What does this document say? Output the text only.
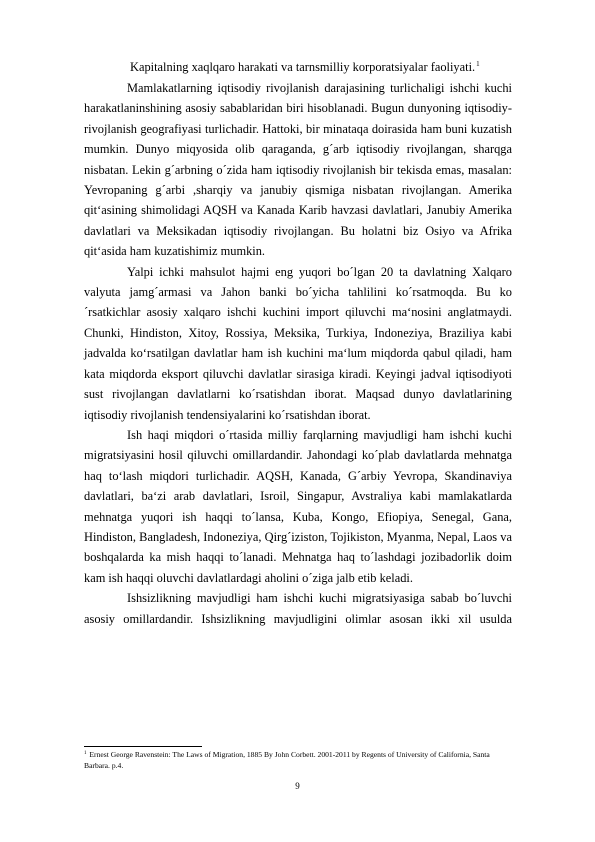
Kapitalning xaqlqaro harakati va tarnsmilliy korporatsiyalar faoliyati.$^1$

Mamlakatlarning iqtisodiy rivojlanish darajasining turlichaligi ishchi kuchi harakatlaninshining asosiy sabablaridan biri hisoblanadi. Bugun dunyoning iqtisodiy-rivojlanish geografiyasi turlichadir. Hattoki, bir minataqa doirasida ham buni kuzatish mumkin. Dunyo miqyosida olib qaraganda, g´arb iqtisodiy rivojlangan, sharqga nisbatan. Lekin g´arbning o´zida ham iqtisodiy rivojlanish bir tekisda emas, masalan: Yevropaning g´arbi ,sharqiy va janubiy qismiga nisbatan rivojlangan. Amerika qit‘asining shimolidagi AQSH va Kanada Karib havzasi davlatlari, Janubiy Amerika davlatlari va Meksikadan iqtisodiy rivojlangan. Bu holatni biz Osiyo va Afrika qit‘asida ham kuzatishimiz mumkin.

Yalpi ichki mahsulot hajmi eng yuqori bo´lgan 20 ta davlatning Xalqaro valyuta jamg´armasi va Jahon banki bo´yicha tahlilini ko´rsatmoqda. Bu ko´rsatkichlar asosiy xalqaro ishchi kuchini import qiluvchi ma‘nosini anglatmaydi. Chunki, Hindiston, Xitoy, Rossiya, Meksika, Turkiya, Indoneziya, Braziliya kabi jadvalda ko‘rsatilgan davlatlar ham ish kuchini ma‘lum miqdorda qabul qiladi, ham kata miqdorda eksport qiluvchi davlatlar sirasiga kiradi. Keyingi jadval iqtisodiyoti sust rivojlangan davlatlarni ko´rsatishdan iborat. Maqsad dunyo davlatlarining iqtisodiy rivojlanish tendensiyalarini ko´rsatishdan iborat.

Ish haqi miqdori o´rtasida milliy farqlarning mavjudligi ham ishchi kuchi migratsiyasini hosil qiluvchi omillardandir. Jahondagi ko´plab davlatlarda mehnatga haq to‘lash miqdori turlichadir. AQSH, Kanada, G´arbiy Yevropa, Skandinaviya davlatlari, ba‘zi arab davlatlari, Isroil, Singapur, Avstraliya kabi mamlakatlarda mehnatga yuqori ish haqqi to´lansa, Kuba, Kongo, Efiopiya, Senegal, Gana, Hindiston, Bangladesh, Indoneziya, Qirg´iziston, Tojikiston, Myanma, Nepal, Laos va boshqalarda ka mish haqqi to´lanadi. Mehnatga haq to´lashdagi jozibadorlik doim kam ish haqqi oluvchi davlatlardagi aholini o´ziga jalb etib keladi.

Ishsizlikning mavjudligi ham ishchi kuchi migratsiyasiga sabab bo´luvchi asosiy omillardandir. Ishsizlikning mavjudligini olimlar asosan ikki xil usulda

$^1$ Ernest George Ravenstein: The Laws of Migration, 1885 By John Corbett. 2001-2011 by Regents of University of California, Santa Barbara. p.4.
9
